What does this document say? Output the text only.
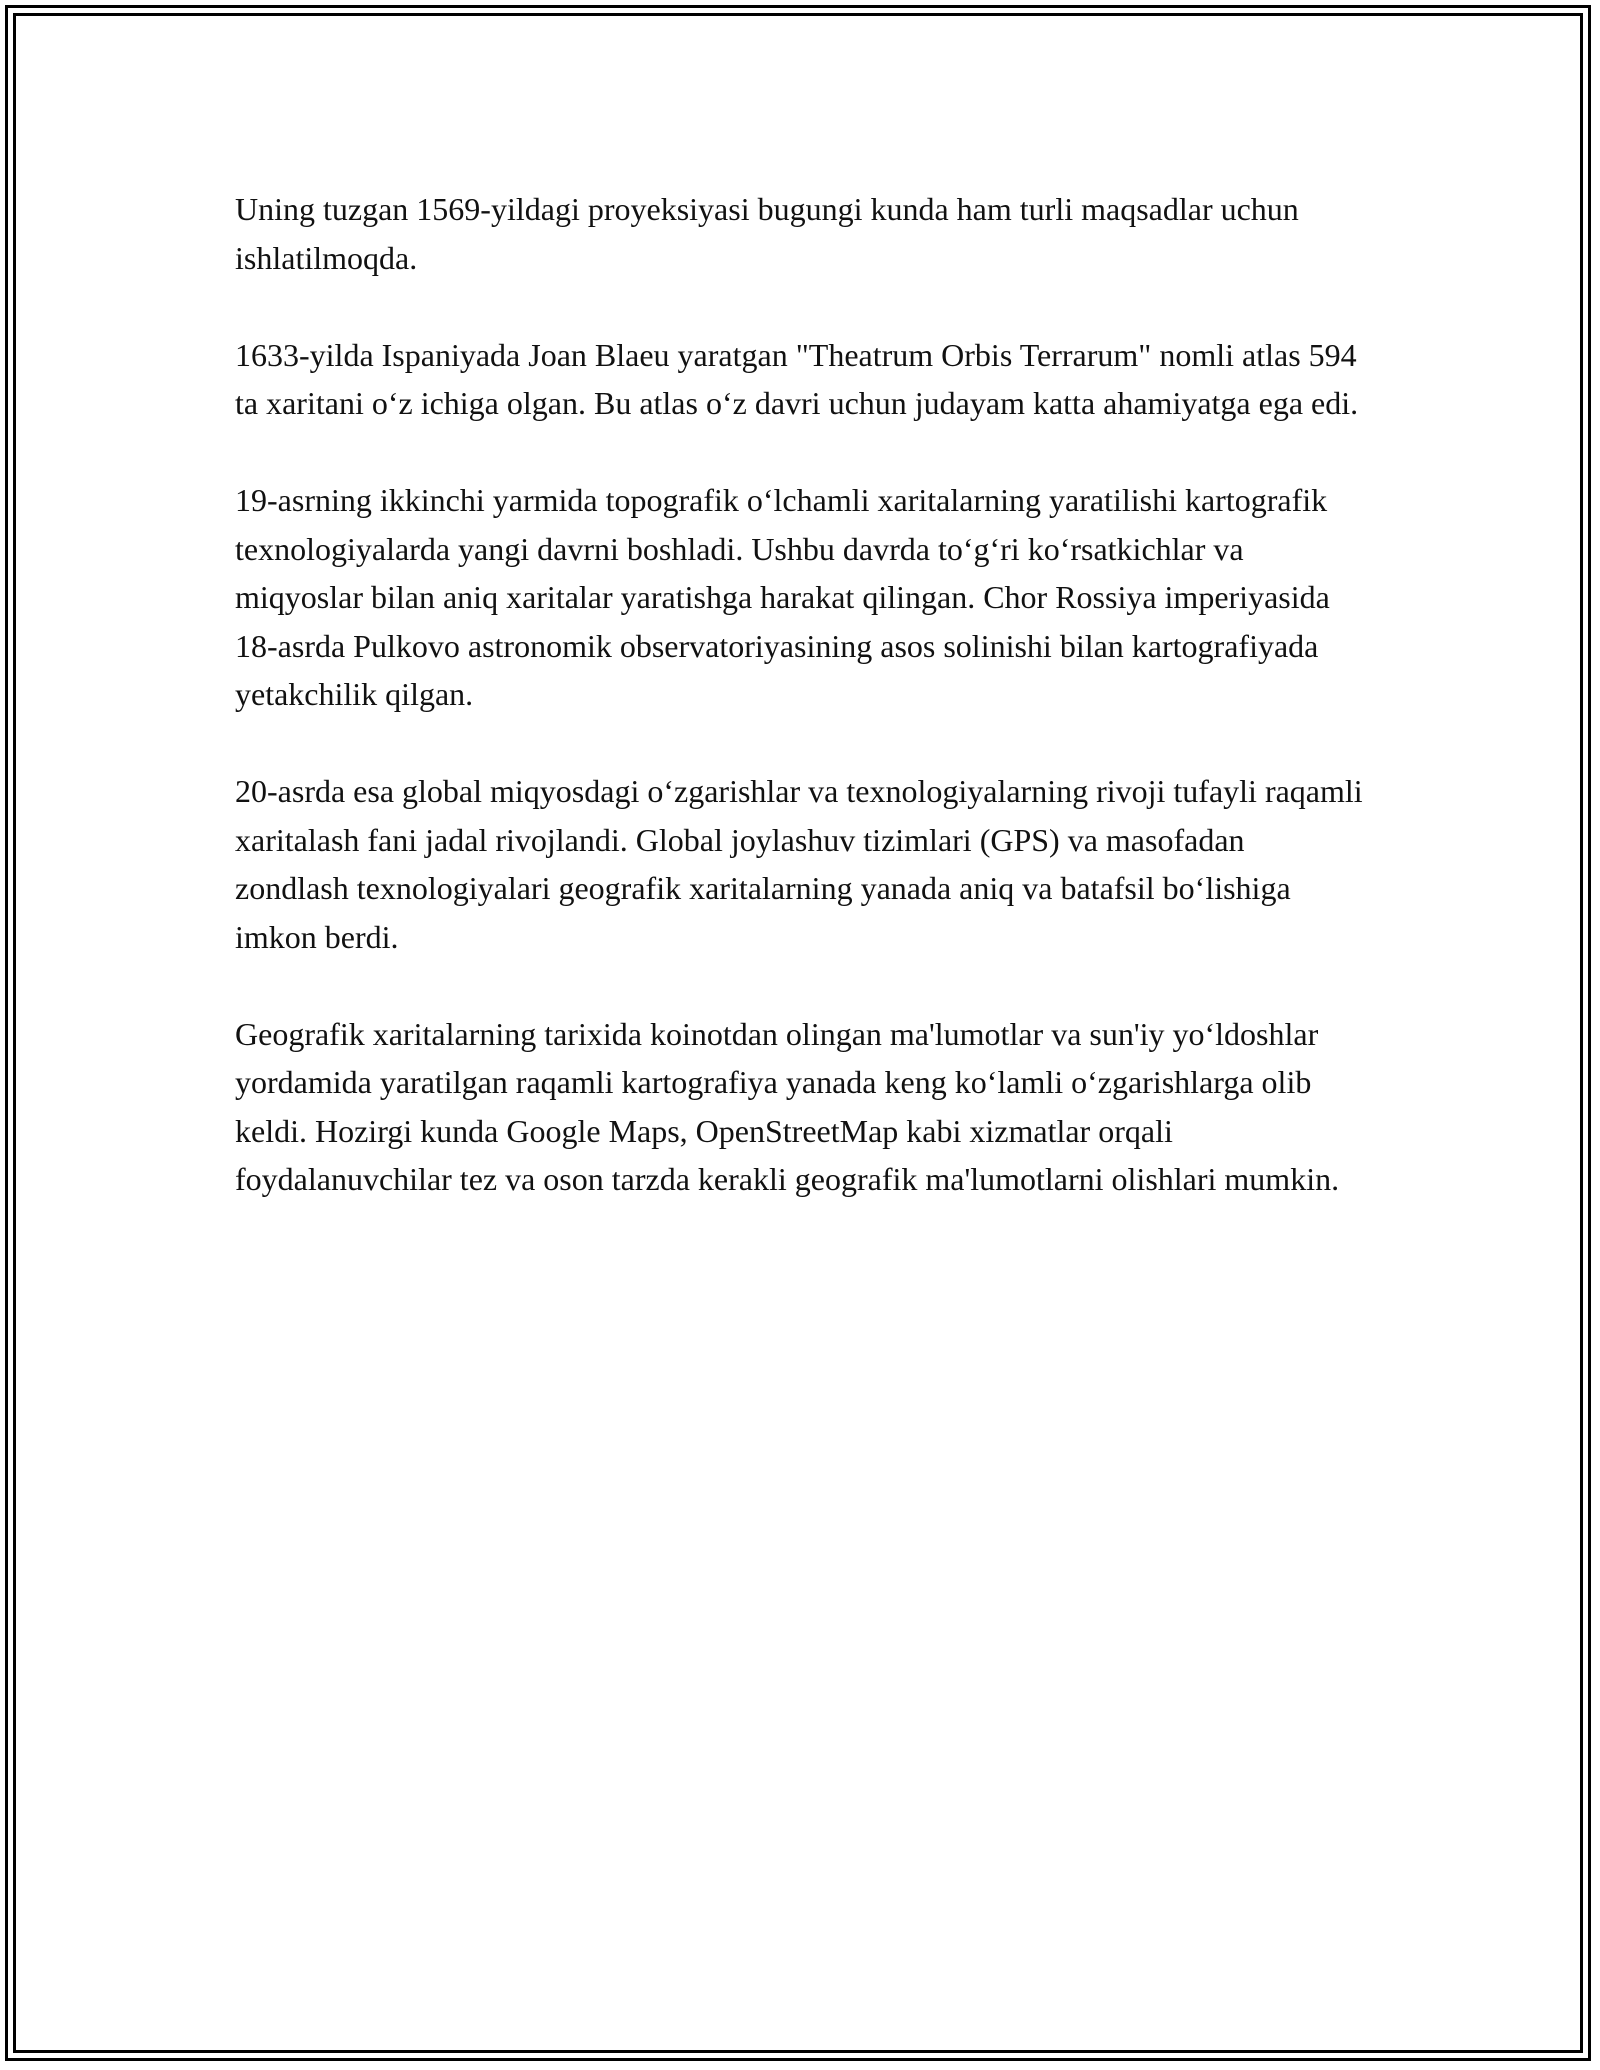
Uning tuzgan 1569-yildagi proyeksiyasi bugungi kunda ham turli maqsadlar uchun ishlatilmoqda.

1633-yilda Ispaniyada Joan Blaeu yaratgan "Theatrum Orbis Terrarum" nomli atlas 594 ta xaritani o‘z ichiga olgan. Bu atlas o‘z davri uchun judayam katta ahamiyatga ega edi.

19-asrning ikkinchi yarmida topografik o‘lchamli xaritalarning yaratilishi kartografik texnologiyalarda yangi davrni boshladi. Ushbu davrda to‘g‘ri ko‘rsatkichlar va miqyoslar bilan aniq xaritalar yaratishga harakat qilingan. Chor Rossiya imperiyasida 18-asrda Pulkovo astronomik observatoriyasining asos solinishi bilan kartografiyada yetakchilik qilgan.

20-asrda esa global miqyosdagi o‘zgarishlar va texnologiyalarning rivoji tufayli raqamli xaritalash fani jadal rivojlandi. Global joylashuv tizimlari (GPS) va masofadan zondlash texnologiyalari geografik xaritalarning yanada aniq va batafsil bo‘lishiga imkon berdi.

Geografik xaritalarning tarixida koinotdan olingan ma'lumotlar va sun'iy yo‘ldoshlar yordamida yaratilgan raqamli kartografiya yanada keng ko‘lamli o‘zgarishlarga olib keldi. Hozirgi kunda Google Maps, OpenStreetMap kabi xizmatlar orqali foydalanuvchilar tez va oson tarzda kerakli geografik ma'lumotlarni olishlari mumkin.
